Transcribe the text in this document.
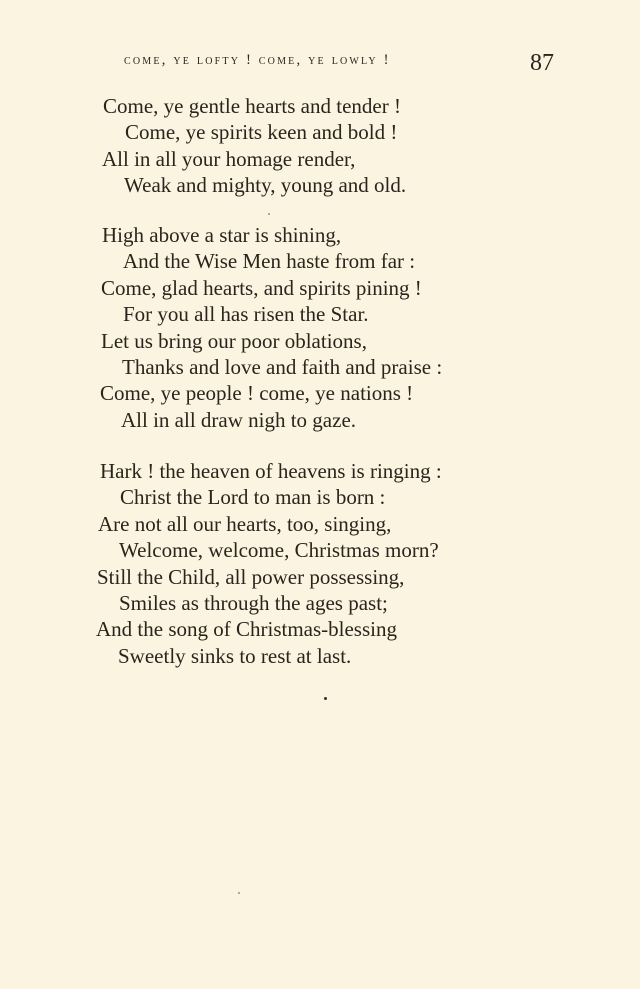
come, ye lofty ! come, ye lowly !	87
Come, ye gentle hearts and tender !
Come, ye spirits keen and bold !
All in all your homage render,
Weak and mighty, young and old.
High above a star is shining,
And the Wise Men haste from far :
Come, glad hearts, and spirits pining !
For you all has risen the Star.
Let us bring our poor oblations,
Thanks and love and faith and praise :
Come, ye people ! come, ye nations !
All in all draw nigh to gaze.
Hark ! the heaven of heavens is ringing :
Christ the Lord to man is born :
Are not all our hearts, too, singing,
Welcome, welcome, Christmas morn?
Still the Child, all power possessing,
Smiles as through the ages past;
And the song of Christmas-blessing
Sweetly sinks to rest at last.
